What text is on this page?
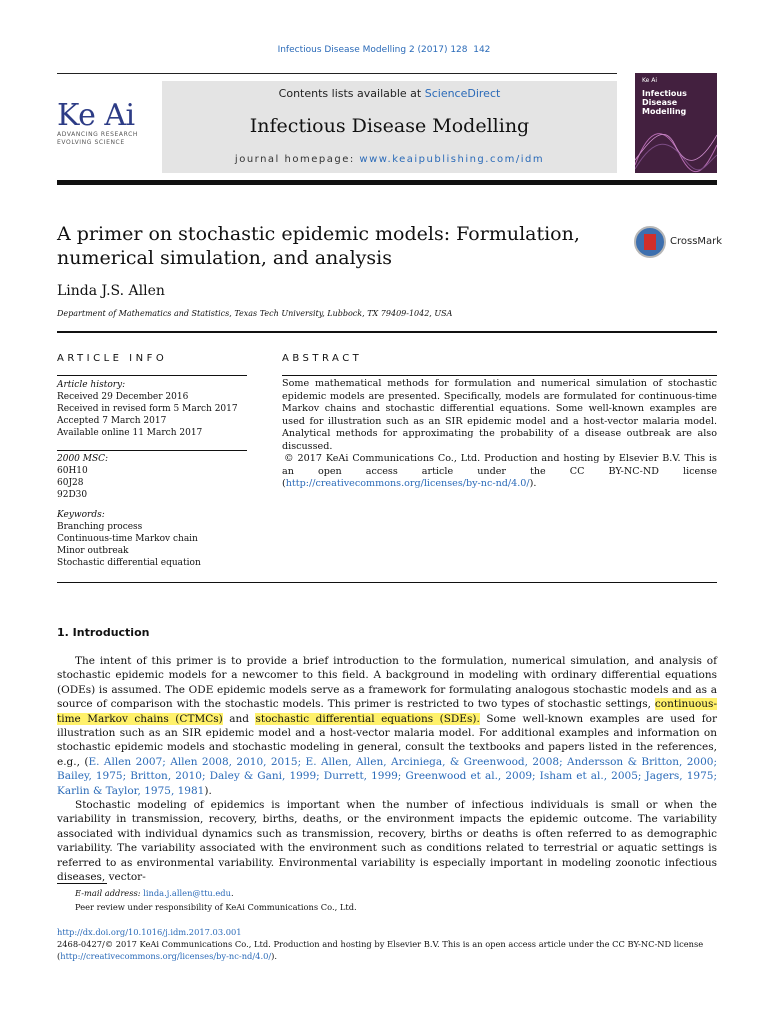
Infectious Disease Modelling 2 (2017) 128  142
Ke Ai
ADVANCING RESEARCH
EVOLVING SCIENCE
Contents lists available at ScienceDirect
Infectious Disease Modelling
journal homepage: www.keaipublishing.com/idm
Ke Ai
Infectious
Disease
Modelling
A primer on stochastic epidemic models: Formulation,
numerical simulation, and analysis
CrossMark
Linda J.S. Allen
Department of Mathematics and Statistics, Texas Tech University, Lubbock, TX 79409-1042, USA
ARTICLE INFO	ABSTRACT
Article history:
Received 29 December 2016
Received in revised form 5 March 2017
Accepted 7 March 2017
Available online 11 March 2017
2000 MSC:
60H10
60J28
92D30
Keywords:
Branching process
Continuous-time Markov chain
Minor outbreak
Stochastic differential equation

Some mathematical methods for formulation and numerical simulation of stochastic epidemic models are presented. Specifically, models are formulated for continuous-time Markov chains and stochastic differential equations. Some well-known examples are used for illustration such as an SIR epidemic model and a host-vector malaria model. Analytical methods for approximating the probability of a disease outbreak are also discussed.

© 2017 KeAi Communications Co., Ltd. Production and hosting by Elsevier B.V. This is an open access article under the CC BY-NC-ND license (http://creativecommons.org/licenses/by-nc-nd/4.0/).

1. Introduction

The intent of this primer is to provide a brief introduction to the formulation, numerical simulation, and analysis of stochastic epidemic models for a newcomer to this field. A background in modeling with ordinary differential equations (ODEs) is assumed. The ODE epidemic models serve as a framework for formulating analogous stochastic models and as a source of comparison with the stochastic models. This primer is restricted to two types of stochastic settings, continuous-time Markov chains (CTMCs) and stochastic differential equations (SDEs). Some well-known examples are used for illustration such as an SIR epidemic model and a host-vector malaria model. For additional examples and information on stochastic epidemic models and stochastic modeling in general, consult the textbooks and papers listed in the references, e.g., (E. Allen 2007; Allen 2008, 2010, 2015; E. Allen, Allen, Arciniega, & Greenwood, 2008; Andersson & Britton, 2000; Bailey, 1975; Britton, 2010; Daley & Gani, 1999; Durrett, 1999; Greenwood et al., 2009; Isham et al., 2005; Jagers, 1975; Karlin & Taylor, 1975, 1981).

Stochastic modeling of epidemics is important when the number of infectious individuals is small or when the variability in transmission, recovery, births, deaths, or the environment impacts the epidemic outcome. The variability associated with individual dynamics such as transmission, recovery, births or deaths is often referred to as demographic variability. The variability associated with the environment such as conditions related to terrestrial or aquatic settings is referred to as environmental variability. Environmental variability is especially important in modeling zoonotic infectious diseases, vector-

E-mail address: linda.j.allen@ttu.edu.
Peer review under responsibility of KeAi Communications Co., Ltd.
http://dx.doi.org/10.1016/j.idm.2017.03.001
2468-0427/© 2017 KeAi Communications Co., Ltd. Production and hosting by Elsevier B.V. This is an open access article under the CC BY-NC-ND license
(http://creativecommons.org/licenses/by-nc-nd/4.0/).
